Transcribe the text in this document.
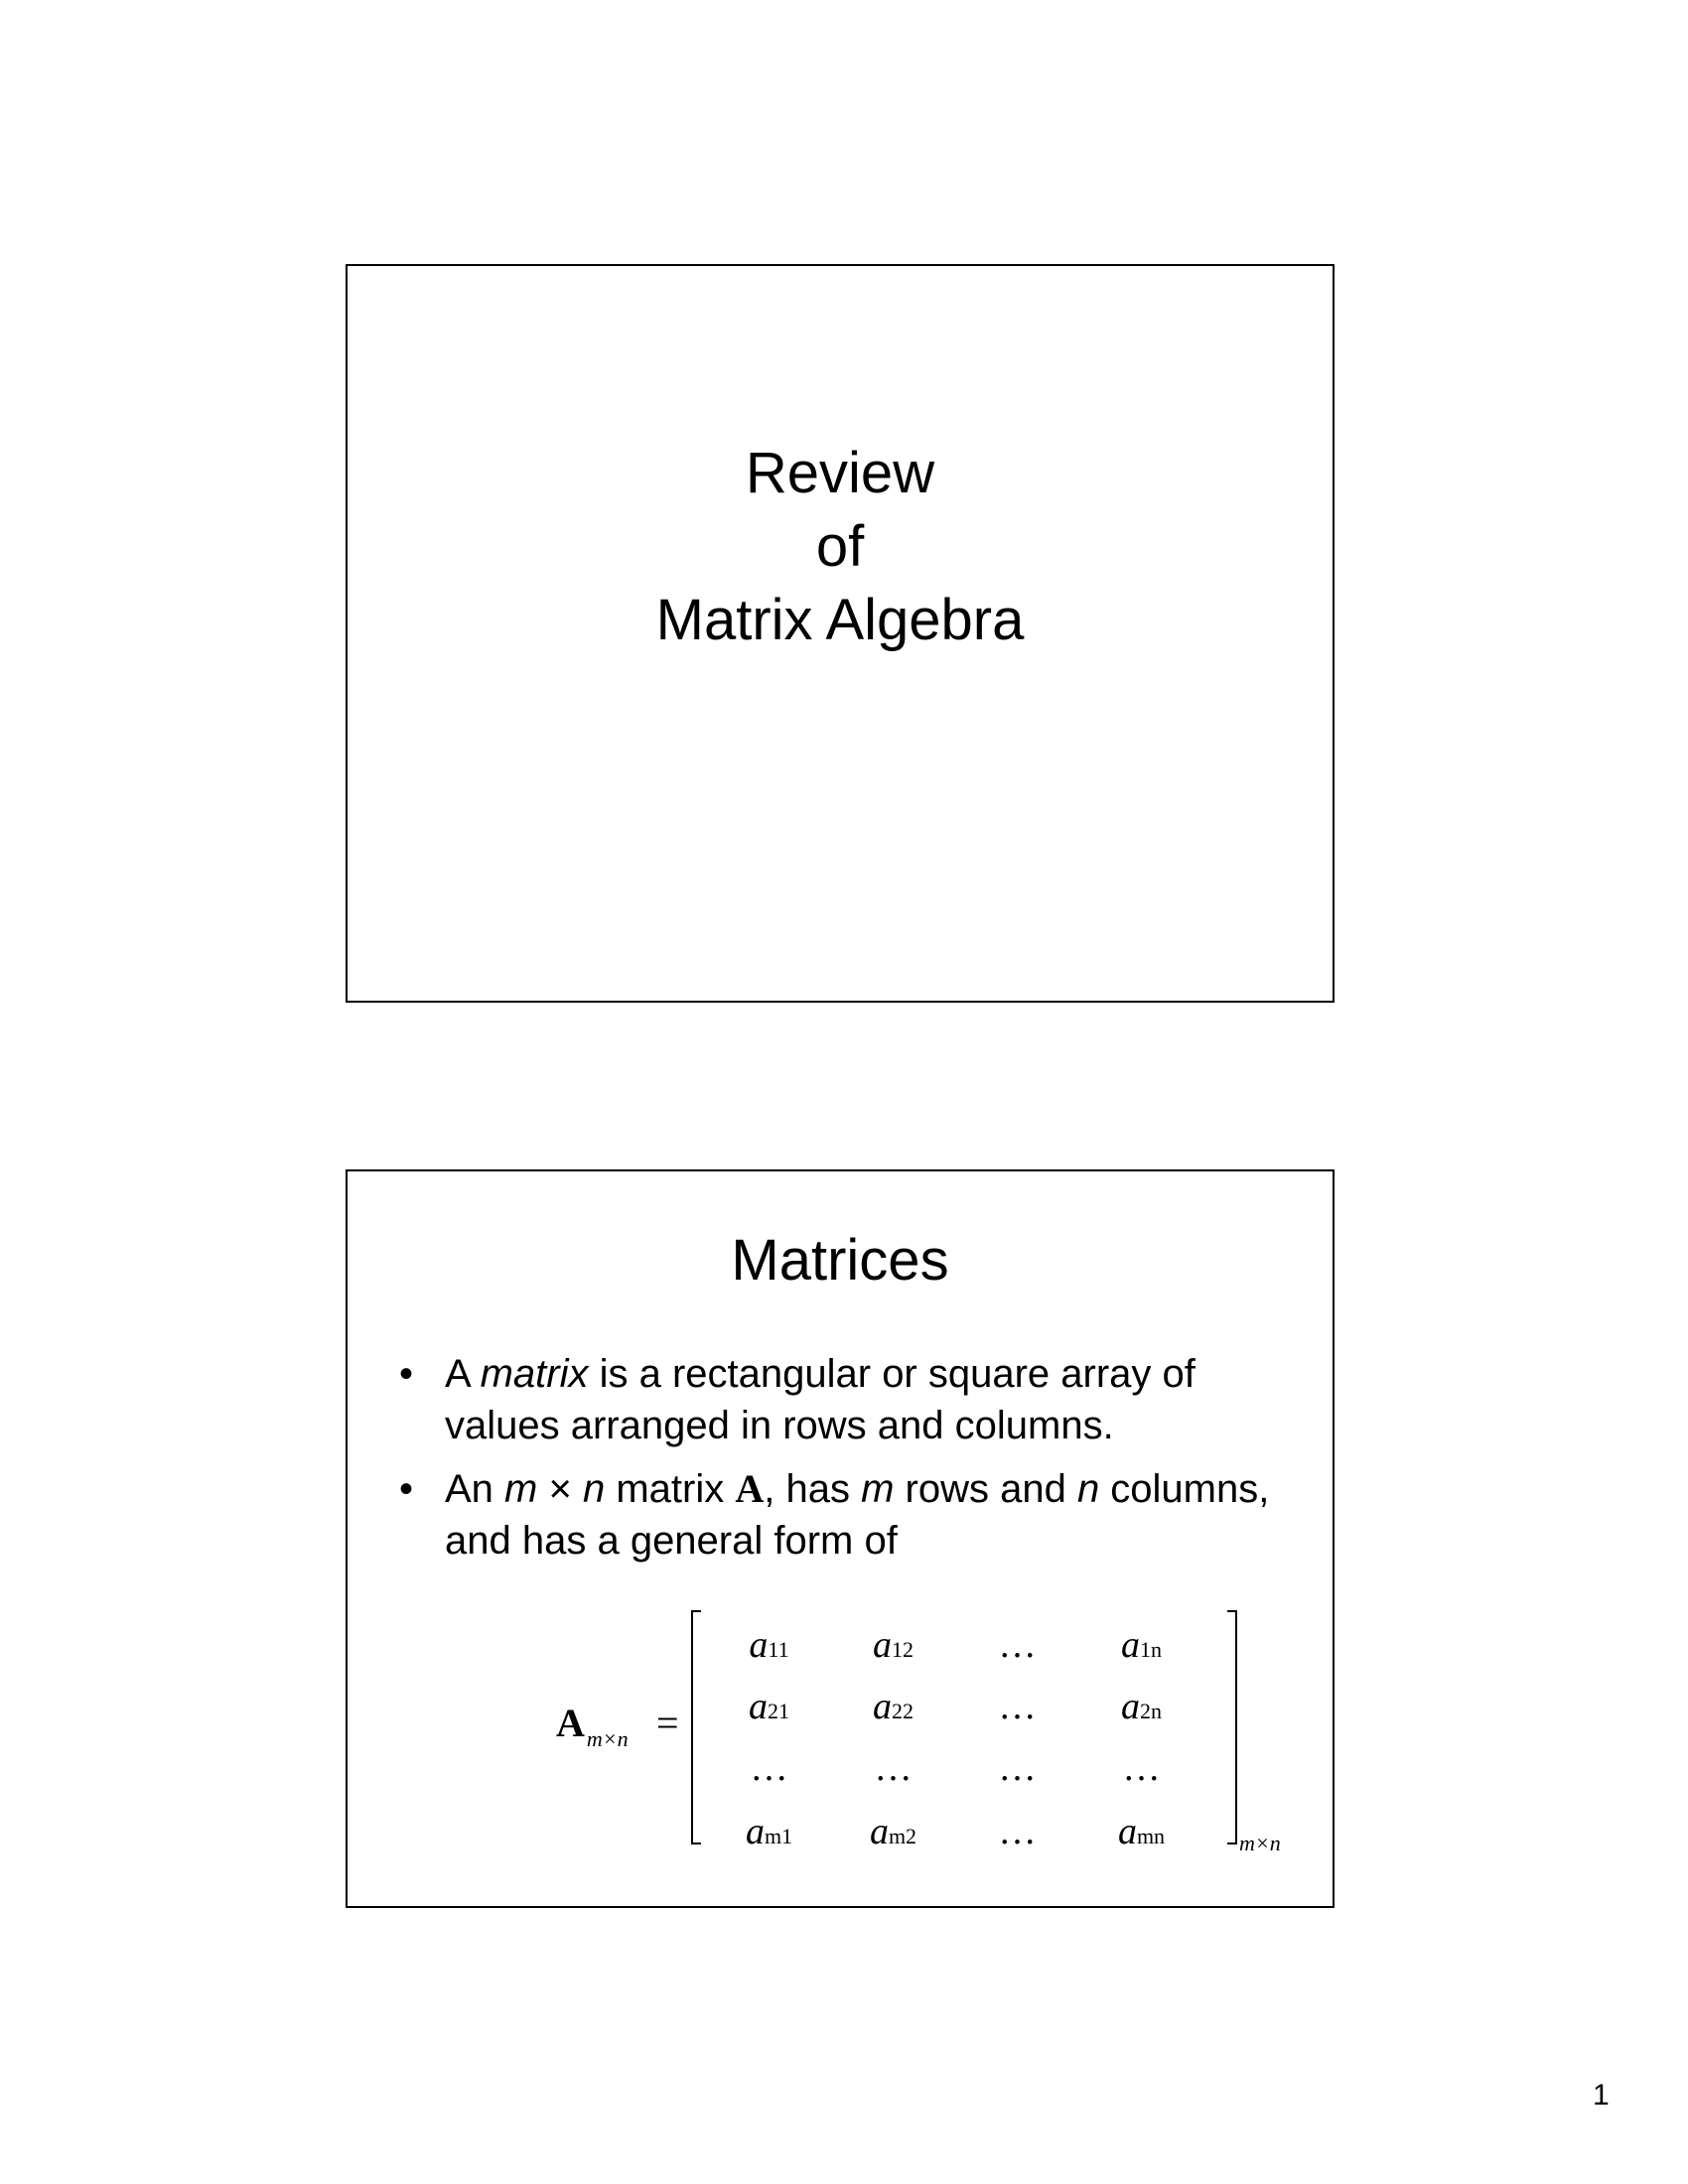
Review
of
Matrix Algebra
Matrices
• A matrix is a rectangular or square array of values arranged in rows and columns.
• An m × n matrix A, has m rows and n columns, and has a general form of
$A_{m\times n}$ =
a11	a12	…	a1n
a21	a22	…	a2n
…	…	…	…
am1	am2	…	amn	m×n
1
